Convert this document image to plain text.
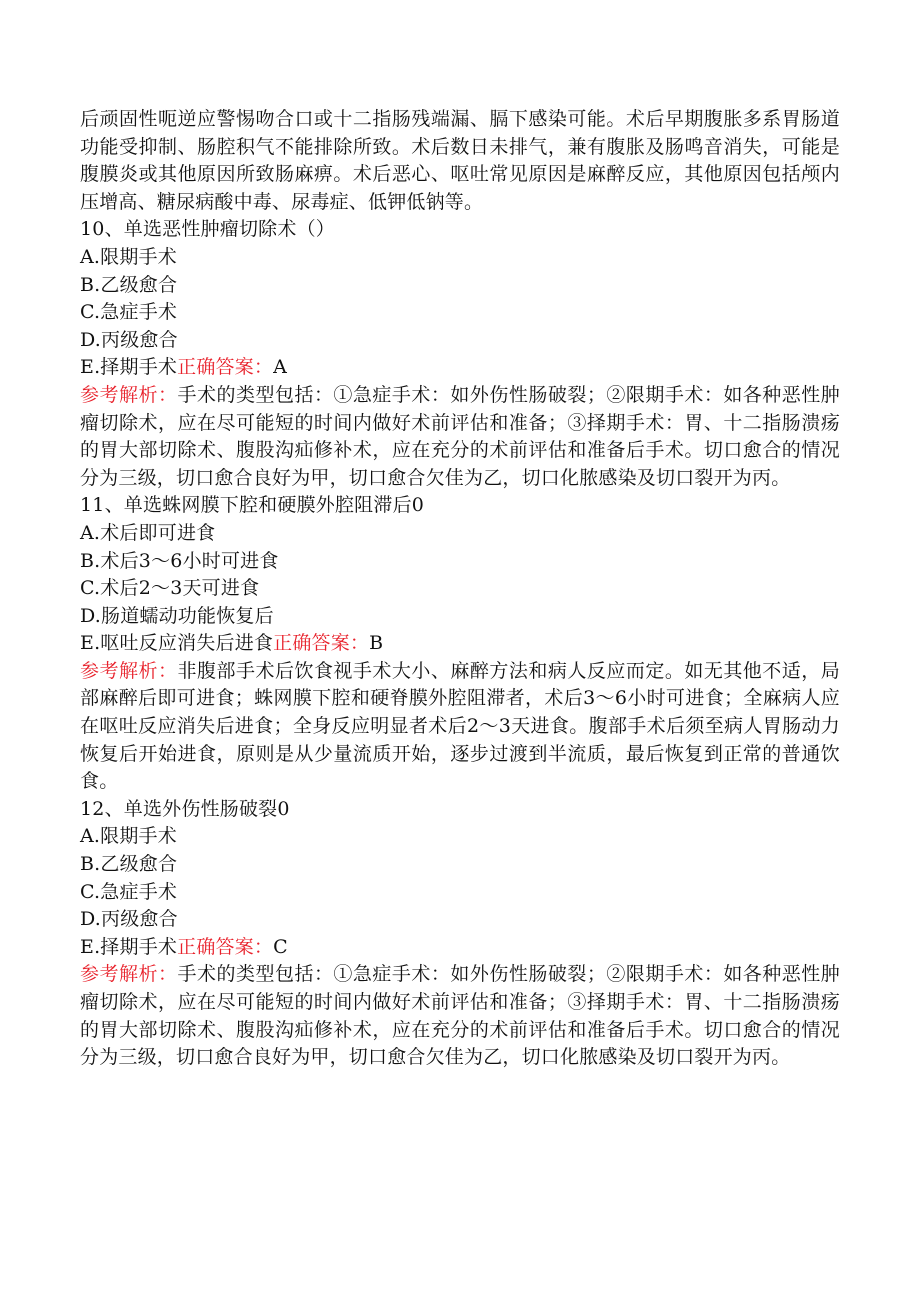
后顽固性呃逆应警惕吻合口或十二指肠残端漏、膈下感染可能。术后早期腹胀多系胃肠道功能受抑制、肠腔积气不能排除所致。术后数日未排气，兼有腹胀及肠鸣音消失，可能是腹膜炎或其他原因所致肠麻痹。术后恶心、呕吐常见原因是麻醉反应，其他原因包括颅内压增高、糖尿病酸中毒、尿毒症、低钾低钠等。

10、单选恶性肿瘤切除术（）

A.限期手术

B.乙级愈合

C.急症手术

D.丙级愈合

E.择期手术正确答案：A

参考解析：手术的类型包括：①急症手术：如外伤性肠破裂；②限期手术：如各种恶性肿瘤切除术，应在尽可能短的时间内做好术前评估和准备；③择期手术：胃、十二指肠溃疡的胃大部切除术、腹股沟疝修补术，应在充分的术前评估和准备后手术。切口愈合的情况分为三级，切口愈合良好为甲，切口愈合欠佳为乙，切口化脓感染及切口裂开为丙。

11、单选蛛网膜下腔和硬膜外腔阻滞后0

A.术后即可进食

B.术后3～6小时可进食

C.术后2～3天可进食

D.肠道蠕动功能恢复后

E.呕吐反应消失后进食正确答案：B

参考解析：非腹部手术后饮食视手术大小、麻醉方法和病人反应而定。如无其他不适，局部麻醉后即可进食；蛛网膜下腔和硬脊膜外腔阻滞者，术后3～6小时可进食；全麻病人应在呕吐反应消失后进食；全身反应明显者术后2～3天进食。腹部手术后须至病人胃肠动力恢复后开始进食，原则是从少量流质开始，逐步过渡到半流质，最后恢复到正常的普通饮食。

12、单选外伤性肠破裂0

A.限期手术

B.乙级愈合

C.急症手术

D.丙级愈合

E.择期手术正确答案：C

参考解析：手术的类型包括：①急症手术：如外伤性肠破裂；②限期手术：如各种恶性肿瘤切除术，应在尽可能短的时间内做好术前评估和准备；③择期手术：胃、十二指肠溃疡的胃大部切除术、腹股沟疝修补术，应在充分的术前评估和准备后手术。切口愈合的情况分为三级，切口愈合良好为甲，切口愈合欠佳为乙，切口化脓感染及切口裂开为丙。
